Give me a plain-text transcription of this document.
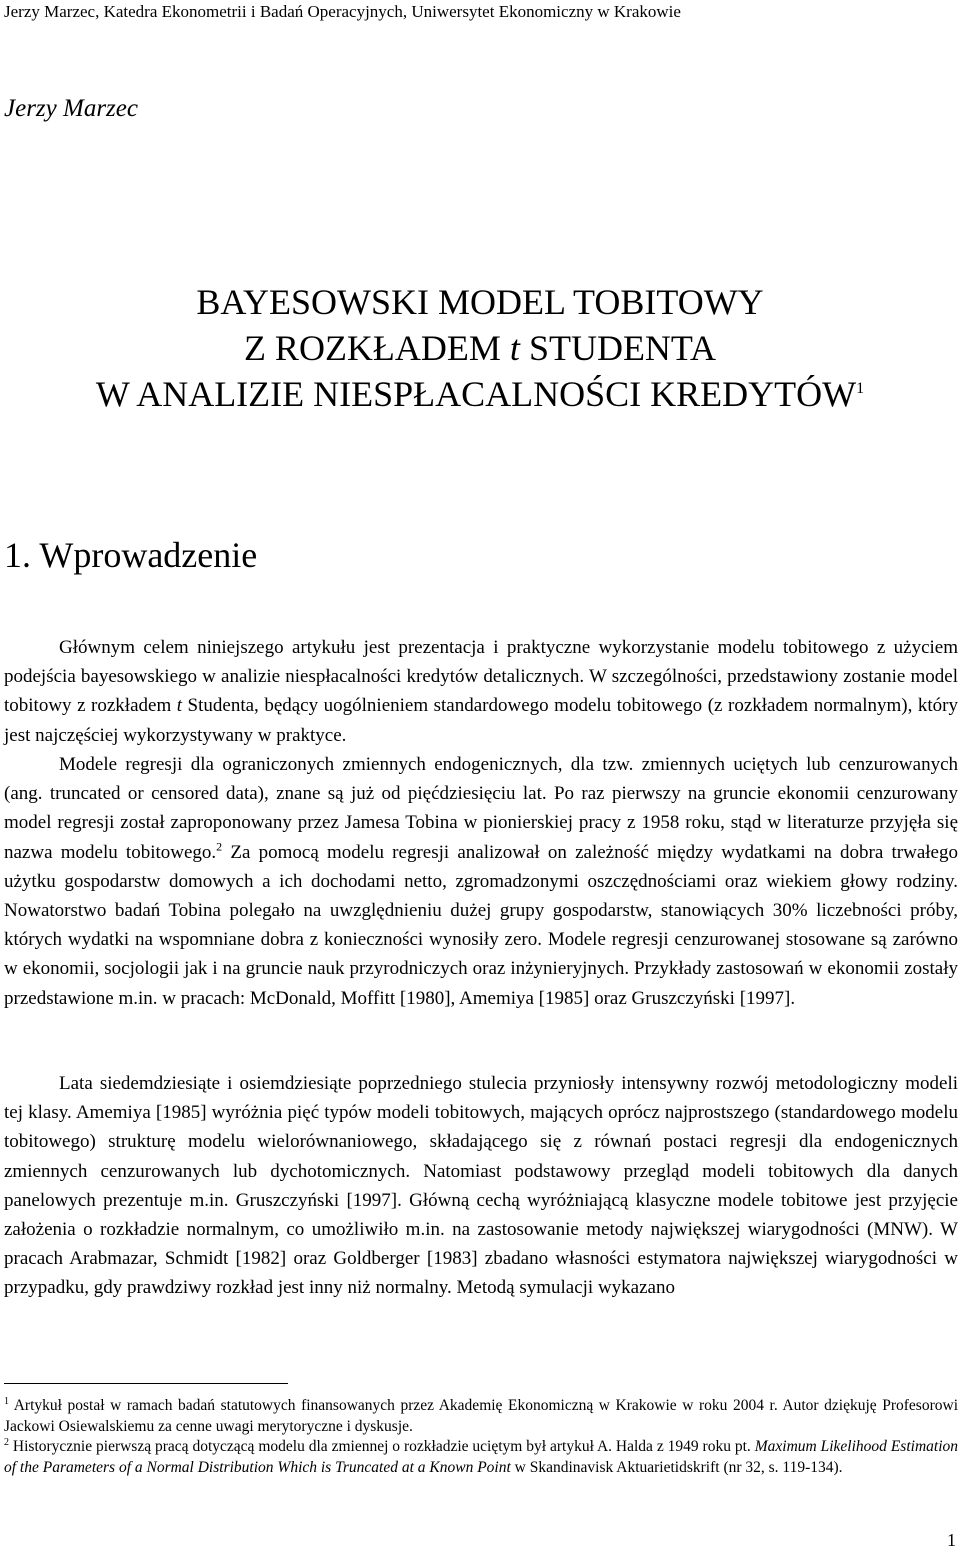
Jerzy Marzec, Katedra Ekonometrii i Badań Operacyjnych, Uniwersytet Ekonomiczny w Krakowie
Jerzy Marzec
BAYESOWSKI MODEL TOBITOWY
Z ROZKŁADEM t STUDENTA
W ANALIZIE NIESPŁACALNOŚCI KREDYTÓW$^1$
1. Wprowadzenie

Głównym celem niniejszego artykułu jest prezentacja i praktyczne wykorzystanie modelu tobitowego z użyciem podejścia bayesowskiego w analizie niespłacalności kredytów detalicznych. W szczególności, przedstawiony zostanie model tobitowy z rozkładem t Studenta, będący uogólnieniem standardowego modelu tobitowego (z rozkładem normalnym), który jest najczęściej wykorzystywany w praktyce.

Modele regresji dla ograniczonych zmiennych endogenicznych, dla tzw. zmiennych uciętych lub cenzurowanych (ang. truncated or censored data), znane są już od pięćdziesięciu lat. Po raz pierwszy na gruncie ekonomii cenzurowany model regresji został zaproponowany przez Jamesa Tobina w pionierskiej pracy z 1958 roku, stąd w literaturze przyjęła się nazwa modelu tobitowego.$^2$ Za pomocą modelu regresji analizował on zależność między wydatkami na dobra trwałego użytku gospodarstw domowych a ich dochodami netto, zgromadzonymi oszczędnościami oraz wiekiem głowy rodziny. Nowatorstwo badań Tobina polegało na uwzględnieniu dużej grupy gospodarstw, stanowiących 30% liczebności próby, których wydatki na wspomniane dobra z konieczności wynosiły zero. Modele regresji cenzurowanej stosowane są zarówno w ekonomii, socjologii jak i na gruncie nauk przyrodniczych oraz inżynieryjnych. Przykłady zastosowań w ekonomii zostały przedstawione m.in. w pracach: McDonald, Moffitt [1980], Amemiya [1985] oraz Gruszczyński [1997].

Lata siedemdziesiąte i osiemdziesiąte poprzedniego stulecia przyniosły intensywny rozwój metodologiczny modeli tej klasy. Amemiya [1985] wyróżnia pięć typów modeli tobitowych, mających oprócz najprostszego (standardowego modelu tobitowego) strukturę modelu wielorównaniowego, składającego się z równań postaci regresji dla endogenicznych zmiennych cenzurowanych lub dychotomicznych. Natomiast podstawowy przegląd modeli tobitowych dla danych panelowych prezentuje m.in. Gruszczyński [1997]. Główną cechą wyróżniającą klasyczne modele tobitowe jest przyjęcie założenia o rozkładzie normalnym, co umożliwiło m.in. na zastosowanie metody największej wiarygodności (MNW). W pracach Arabmazar, Schmidt [1982] oraz Goldberger [1983] zbadano własności estymatora największej wiarygodności w przypadku, gdy prawdziwy rozkład jest inny niż normalny. Metodą symulacji wykazano

$^1$ Artykuł postał w ramach badań statutowych finansowanych przez Akademię Ekonomiczną w Krakowie w roku 2004 r. Autor dziękuję Profesorowi Jackowi Osiewalskiemu za cenne uwagi merytoryczne i dyskusje.

$^2$ Historycznie pierwszą pracą dotyczącą modelu dla zmiennej o rozkładzie uciętym był artykuł A. Halda z 1949 roku pt. Maximum Likelihood Estimation of the Parameters of a Normal Distribution Which is Truncated at a Known Point w Skandinavisk Aktuarietidskrift (nr 32, s. 119-134).

1
